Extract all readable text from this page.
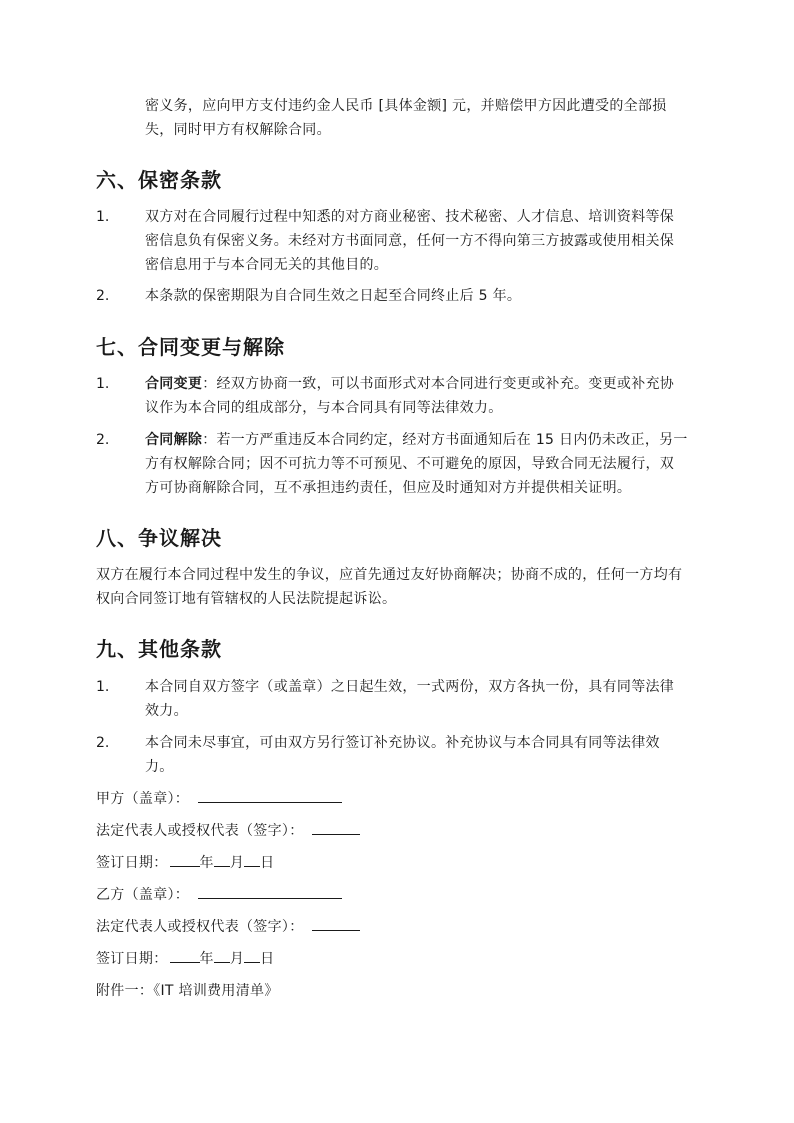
密义务，应向甲方支付违约金人民币 [具体金额] 元，并赔偿甲方因此遭受的全部损
失，同时甲方有权解除合同。
六、保密条款
1.	双方对在合同履行过程中知悉的对方商业秘密、技术秘密、人才信息、培训资料等保
密信息负有保密义务。未经对方书面同意，任何一方不得向第三方披露或使用相关保
密信息用于与本合同无关的其他目的。
2.	本条款的保密期限为自合同生效之日起至合同终止后 5 年。
七、合同变更与解除
1.	合同变更：经双方协商一致，可以书面形式对本合同进行变更或补充。变更或补充协
议作为本合同的组成部分，与本合同具有同等法律效力。
2.	合同解除：若一方严重违反本合同约定，经对方书面通知后在 15 日内仍未改正，另一
方有权解除合同；因不可抗力等不可预见、不可避免的原因，导致合同无法履行，双
方可协商解除合同，互不承担违约责任，但应及时通知对方并提供相关证明。
八、争议解决
双方在履行本合同过程中发生的争议，应首先通过友好协商解决；协商不成的，任何一方均有
权向合同签订地有管辖权的人民法院提起诉讼。
九、其他条款
1.	本合同自双方签字（或盖章）之日起生效，一式两份，双方各执一份，具有同等法律
效力。
2.	本合同未尽事宜，可由双方另行签订补充协议。补充协议与本合同具有同等法律效
力。
甲方（盖章）：
法定代表人或授权代表（签字）：
签订日期： 年 月 日
乙方（盖章）：
法定代表人或授权代表（签字）：
签订日期： 年 月 日
附件一：《IT 培训费用清单》
